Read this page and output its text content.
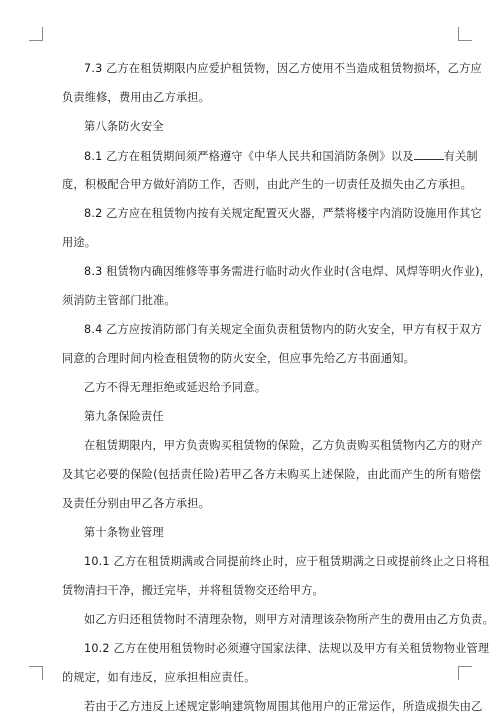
7.3 乙方在租赁期限内应爱护租赁物，因乙方使用不当造成租赁物损坏，乙方应
负责维修，费用由乙方承担。
第八条防火安全
8.1 乙方在租赁期间须严格遵守《中华人民共和国消防条例》以及	有关制
度，积极配合甲方做好消防工作，否则，由此产生的一切责任及损失由乙方承担。
8.2 乙方应在租赁物内按有关规定配置灭火器，严禁将楼宇内消防设施用作其它
用途。
8.3 租赁物内确因维修等事务需进行临时动火作业时(含电焊、风焊等明火作业)，
须消防主管部门批准。
8.4 乙方应按消防部门有关规定全面负责租赁物内的防火安全，甲方有权于双方
同意的合理时间内检查租赁物的防火安全，但应事先给乙方书面通知。
乙方不得无理拒绝或延迟给予同意。
第九条保险责任
在租赁期限内，甲方负责购买租赁物的保险，乙方负责购买租赁物内乙方的财产
及其它必要的保险(包括责任险)若甲乙各方未购买上述保险，由此而产生的所有赔偿
及责任分别由甲乙各方承担。
第十条物业管理
10.1 乙方在租赁期满或合同提前终止时，应于租赁期满之日或提前终止之日将租
赁物清扫干净，搬迁完毕，并将租赁物交还给甲方。
如乙方归还租赁物时不清理杂物，则甲方对清理该杂物所产生的费用由乙方负责。
10.2 乙方在使用租赁物时必须遵守国家法律、法规以及甲方有关租赁物物业管理
的规定，如有违反，应承担相应责任。
若由于乙方违反上述规定影响建筑物周围其他用户的正常运作，所造成损失由乙
